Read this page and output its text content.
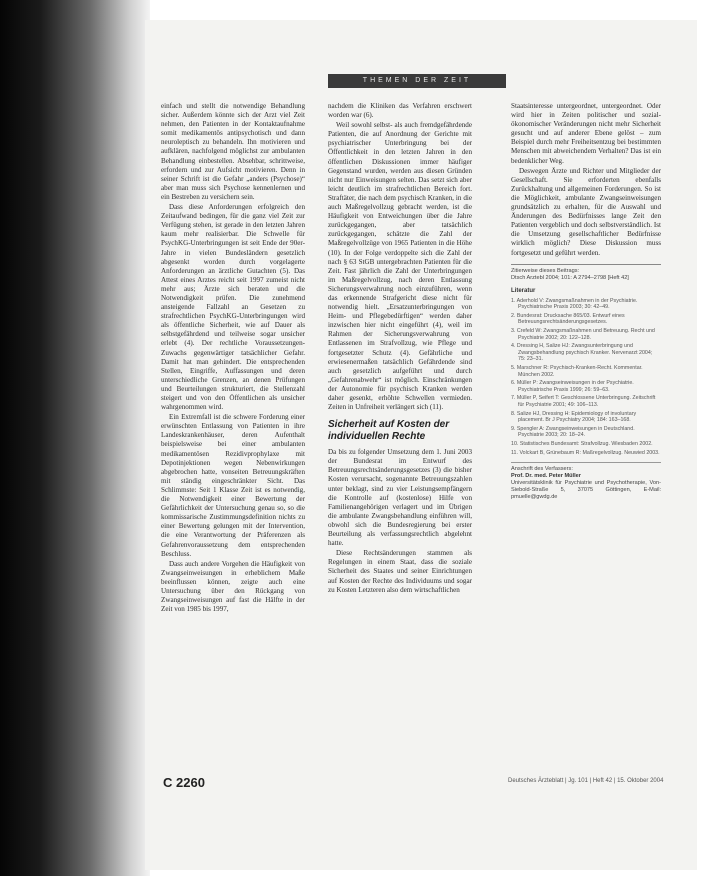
THEMEN DER ZEIT

einfach und stellt die notwendige Behandlung sicher. Außerdem könnte sich der Arzt viel Zeit nehmen, den Patienten in der Kontaktaufnahme somit medikamentös antipsychotisch und dann neuroleptisch zu behandeln. Ihn motivieren und aufklären, nachfolgend möglichst zur ambulanten Behandlung einbestellen. Absehbar, schrittweise, erfordern und zur Aufsicht motivieren. Denn in seiner Schrift ist die Gefahr „anders (Psychose)“ aber man muss sich Psychose kennenlernen und ein Bestreben zu versichern sein.

Dass diese Anforderungen erfolgreich den Zeitaufwand bedingen, für die ganz viel Zeit zur Verfügung stehen, ist gerade in den letzten Jahren kaum mehr realisierbar. Die Schwelle für PsychKG-Unterbringungen ist seit Ende der 90er-Jahre in vielen Bundesländern gesetzlich abgesenkt worden durch vorgelagerte Anforderungen an ärztliche Gutachten (5). Das Attest eines Arztes reicht seit 1997 zumeist nicht mehr aus; Ärzte sich beraten und die Notwendigkeit prüfen. Die zunehmend ansteigende Fallzahl an Gesetzen zu strafrechtlichen PsychKG-Unterbringungen wird als öffentliche Sicherheit, wie auf Dauer als selbstgefährdend und teilweise sogar unsicher erlebt (4). Der rechtliche Voraussetzungen-Zuwachs gegenwärtiger tatsächlicher Gefahr. Damit hat man gehindert. Die entsprechenden Stellen, Eingriffe, Auffassungen und deren unterschiedliche Grenzen, an denen Prüfungen und Beurteilungen strukturiert, die Stellenzahl steigert und von den Öffentlichen als unsicher wahrgenommen wird.

Ein Extremfall ist die schwere Forderung einer erwünschten Entlassung von Patienten in ihre Landeskrankenhäuser, deren Aufenthalt beispielsweise bei einer ambulanten medikamentösen Rezidivprophylaxe mit Depotinjektionen wegen Nebenwirkungen abgebrochen hatte, vonseiten Betreuungskräften mit ständig eingeschränkter Sicht. Das Schlimmste: Seit 1 Klasse Zeit ist es notwendig, die Notwendigkeit einer Bewertung der Gefährlichkeit der Untersuchung genau so, so die kommissarische Zustimmungsdefinition nichts zu einer Bewertung gelungen mit der Intervention, die eine Verantwortung der Präferenzen als Gefahrenvoraussetzung dem entsprechenden Beschluss.

Dass auch andere Vorgehen die Häufigkeit von Zwangseinweisungen in erheblichem Maße beeinflussen können, zeigte auch eine Untersuchung über den Rückgang von Zwangseinweisungen auf fast die Hälfte in der Zeit von 1985 bis 1997,

nachdem die Kliniken das Verfahren erschwert worden war (6).

Weil sowohl selbst- als auch fremdgefährdende Patienten, die auf Anordnung der Gerichte mit psychiatrischer Unterbringung bei der Öffentlichkeit in den letzten Jahren in den öffentlichen Diskussionen immer häufiger Gegenstand wurden, werden aus diesen Gründen nicht nur Einweisungen selten. Das setzt sich aber leicht deutlich im strafrechtlichen Bereich fort. Straftäter, die nach dem psychisch Kranken, in die auch Maßregelvollzug gebracht werden, ist die Häufigkeit von Entweichungen über die Jahre zurückgegangen, aber tatsächlich zurückgegangen, schätzte die Zahl der Maßregelvollzüge von 1965 Patienten in die Höhe (10). In der Folge verdoppelte sich die Zahl der nach § 63 StGB untergebrachten Patienten für die Zeit. Fast jährlich die Zahl der Unterbringungen im Maßregelvollzug, nach deren Entlassung Sicherungsverwahrung noch einzuführen, wenn das erkennende Strafgericht diese nicht für notwendig hielt. „Ersatzunterbringungen von Heim- und Pflegebedürftigen“ werden daher inzwischen hier nicht eingeführt (4), weil im Rahmen der Sicherungsverwahrung von Entlassenen im Strafvollzug, wie Pflege und fortgesetzter Schutz (4). Gefährliche und erwiesenermaßen tatsächlich Gefährdende sind auch gesetzlich aufgeführt und durch „Gefahrenabwehr“ ist möglich. Einschränkungen der Autonomie für psychisch Kranken werden daher gesenkt, erhöhte Schwellen vermieden. Zeiten in Unfreiheit verlängert sich (11).

Sicherheit auf Kosten der individuellen Rechte

Da bis zu folgender Umsetzung dem 1. Juni 2003 der Bundesrat im Entwurf des Betreuungsrechtsänderungsgesetzes (3) die bisher Kosten verursacht, sogenannte Betreuungszahlen unter beklagt, sind zu vier Leistungsempfängern die Kontrolle auf (kostenlose) Hilfe von Familienangehörigen verlagert und im Übrigen die ambulante Zwangsbehandlung einführen will, obwohl sich die Bundesregierung bei erster Beurteilung als verfassungsrechtlich abgelehnt hatte.

Diese Rechtsänderungen stammen als Regelungen in einem Staat, dass die soziale Sicherheit des Staates und seiner Einrichtungen auf Kosten der Rechte des Individuums und sogar zu Kosten Letzteren also dem wirtschaftlichen

Staatsinteresse untergeordnet, untergeordnet. Oder wird hier in Zeiten politischer und sozial-ökonomischer Veränderungen nicht mehr Sicherheit gesucht und auf anderer Ebene gelöst – zum Beispiel durch mehr Freiheitsentzug bei bestimmten Menschen mit abweichendem Verhalten? Das ist ein bedenklicher Weg.

Deswegen Ärzte und Richter und Mitglieder der Gesellschaft. Sie erforderten ebenfalls Zurückhaltung und allgemeinen Forderungen. So ist die Möglichkeit, ambulante Zwangseinweisungen grundsätzlich zu erhalten, für die Auswahl und Änderungen des Bedürfnisses lange Zeit den Patienten vergeblich und doch selbstverständlich. Ist die Umsetzung gesellschaftlicher Bedürfnisse wirklich möglich? Diese Diskussion muss fortgesetzt und geführt werden.

Zitierweise dieses Beitrags:
Dtsch Arztebl 2004; 101: A 2794–2798 [Heft 42]
Literatur
1. Aderhold V: Zwangsmaßnahmen in der Psychiatrie. Psychiatrische Praxis 2003; 30: 42–49.
2. Bundesrat: Drucksache 865/03. Entwurf eines Betreuungsrechtsänderungsgesetzes.
3. Crefeld W: Zwangsmaßnahmen und Betreuung. Recht und Psychiatrie 2002; 20: 122–128.
4. Dressing H, Salize HJ: Zwangsunterbringung und Zwangsbehandlung psychisch Kranker. Nervenarzt 2004; 75: 23–31.
5. Marschner R: Psychisch-Kranken-Recht. Kommentar. München 2002.
6. Müller P: Zwangseinweisungen in der Psychiatrie. Psychiatrische Praxis 1999; 26: 59–63.
7. Müller P, Seifert T: Geschlossene Unterbringung. Zeitschrift für Psychiatrie 2001; 49: 106–113.
8. Salize HJ, Dressing H: Epidemiology of involuntary placement. Br J Psychiatry 2004; 184: 163–168.
9. Spengler A: Zwangseinweisungen in Deutschland. Psychiatrie 2003; 20: 18–24.
10. Statistisches Bundesamt: Strafvollzug. Wiesbaden 2002.
11. Volckart B, Grünebaum R: Maßregelvollzug. Neuwied 2003.
Anschrift des Verfassers:
Prof. Dr. med. Peter Müller
Universitätsklinik für Psychiatrie und Psychotherapie, Von-Siebold-Straße 5, 37075 Göttingen, E-Mail: pmuelle@gwdg.de
C 2260	Deutsches Ärzteblatt | Jg. 101 | Heft 42 | 15. Oktober 2004
